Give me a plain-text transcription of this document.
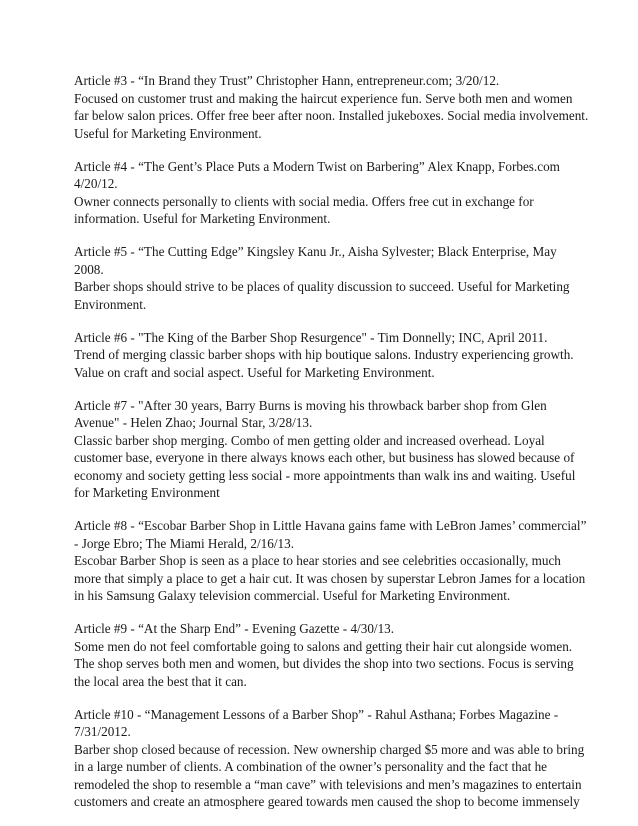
Article #3 - “In Brand they Trust” Christopher Hann, entrepreneur.com; 3/20/12.

Focused on customer trust and making the haircut experience fun. Serve both men and women

far below salon prices. Offer free beer after noon. Installed jukeboxes. Social media involvement.

Useful for Marketing Environment.

Article #4 - “The Gent’s Place Puts a Modern Twist on Barbering” Alex Knapp, Forbes.com

4/20/12.

Owner connects personally to clients with social media. Offers free cut in exchange for

information. Useful for Marketing Environment.

Article #5 - “The Cutting Edge” Kingsley Kanu Jr., Aisha Sylvester; Black Enterprise, May

2008.

Barber shops should strive to be places of quality discussion to succeed. Useful for Marketing

Environment.

Article #6 - "The King of the Barber Shop Resurgence" - Tim Donnelly; INC, April 2011.

Trend of merging classic barber shops with hip boutique salons. Industry experiencing growth.

Value on craft and social aspect. Useful for Marketing Environment.

Article #7 - "After 30 years, Barry Burns is moving his throwback barber shop from Glen

Avenue" - Helen Zhao; Journal Star, 3/28/13.

Classic barber shop merging. Combo of men getting older and increased overhead. Loyal

customer base, everyone in there always knows each other, but business has slowed because of

economy and society getting less social - more appointments than walk ins and waiting. Useful

for Marketing Environment

Article #8 - “Escobar Barber Shop in Little Havana gains fame with LeBron James’ commercial”

- Jorge Ebro; The Miami Herald, 2/16/13.

Escobar Barber Shop is seen as a place to hear stories and see celebrities occasionally, much

more that simply a place to get a hair cut. It was chosen by superstar Lebron James for a location

in his Samsung Galaxy television commercial. Useful for Marketing Environment.

Article #9 - “At the Sharp End” - Evening Gazette - 4/30/13.

Some men do not feel comfortable going to salons and getting their hair cut alongside women.

The shop serves both men and women, but divides the shop into two sections. Focus is serving

the local area the best that it can.

Article #10 - “Management Lessons of a Barber Shop” - Rahul Asthana; Forbes Magazine -

7/31/2012.

Barber shop closed because of recession. New ownership charged $5 more and was able to bring

in a large number of clients. A combination of the owner’s personality and the fact that he

remodeled the shop to resemble a “man cave” with televisions and men’s magazines to entertain

customers and create an atmosphere geared towards men caused the shop to become immensely
